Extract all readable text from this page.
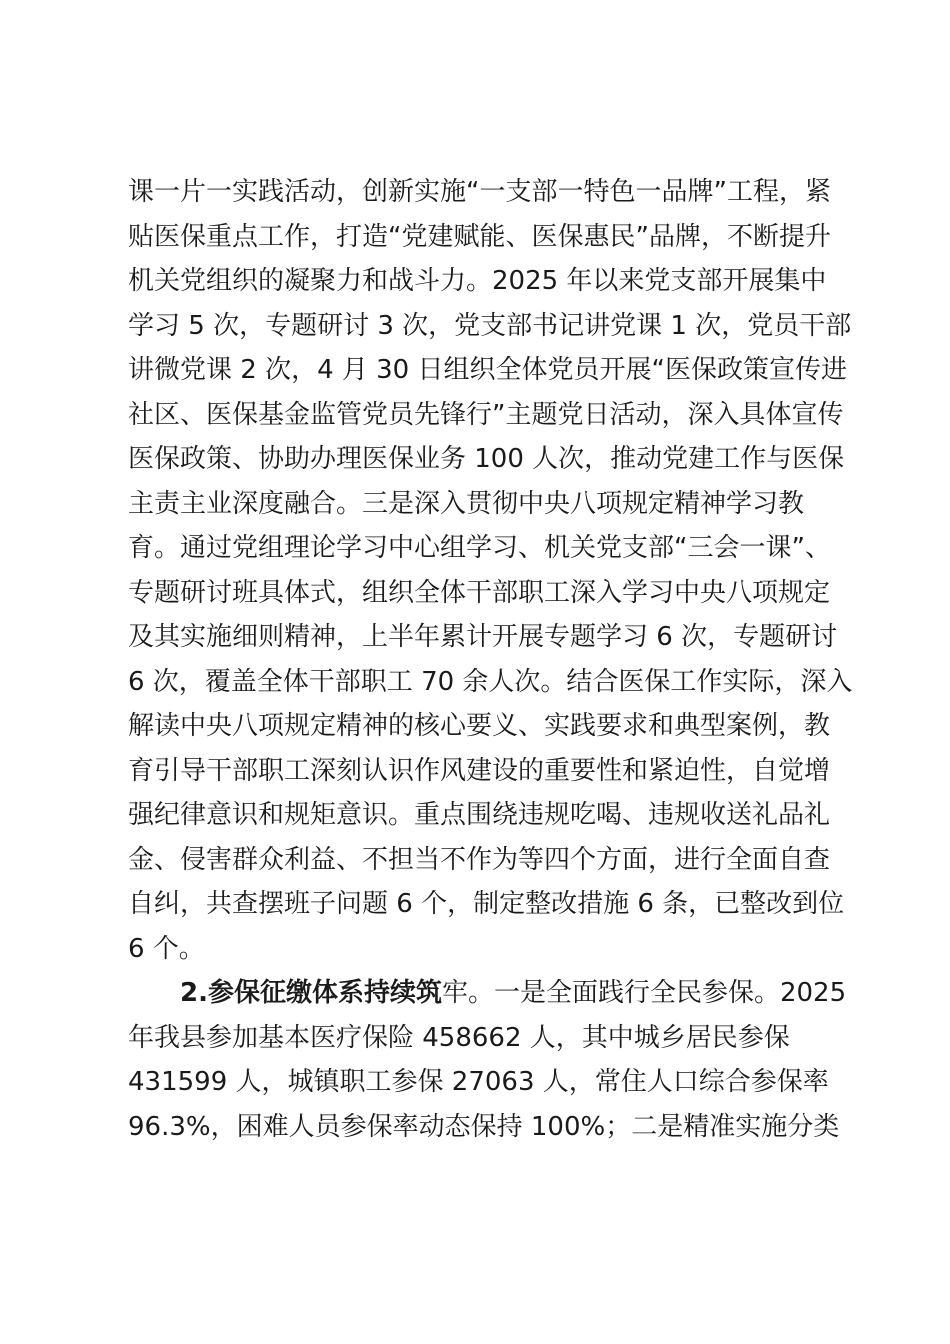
课一片一实践活动，创新实施“一支部一特色一品牌”工程，紧
贴医保重点工作，打造“党建赋能、医保惠民”品牌，不断提升
机关党组织的凝聚力和战斗力。2025 年以来党支部开展集中
学习 5 次，专题研讨 3 次，党支部书记讲党课 1 次，党员干部
讲微党课 2 次，4 月 30 日组织全体党员开展“医保政策宣传进
社区、医保基金监管党员先锋行”主题党日活动，深入具体宣传
医保政策、协助办理医保业务 100 人次，推动党建工作与医保
主责主业深度融合。三是深入贯彻中央八项规定精神学习教
育。通过党组理论学习中心组学习、机关党支部“三会一课”、
专题研讨班具体式，组织全体干部职工深入学习中央八项规定
及其实施细则精神，上半年累计开展专题学习 6 次，专题研讨
6 次，覆盖全体干部职工 70 余人次。结合医保工作实际，深入
解读中央八项规定精神的核心要义、实践要求和典型案例，教
育引导干部职工深刻认识作风建设的重要性和紧迫性，自觉增
强纪律意识和规矩意识。重点围绕违规吃喝、违规收送礼品礼
金、侵害群众利益、不担当不作为等四个方面，进行全面自查
自纠，共查摆班子问题 6 个，制定整改措施 6 条，已整改到位
6 个。
2.参保征缴体系持续筑牢。一是全面践行全民参保。2025
年我县参加基本医疗保险 458662 人，其中城乡居民参保
431599 人，城镇职工参保 27063 人，常住人口综合参保率
96.3%，困难人员参保率动态保持 100%；二是精准实施分类
